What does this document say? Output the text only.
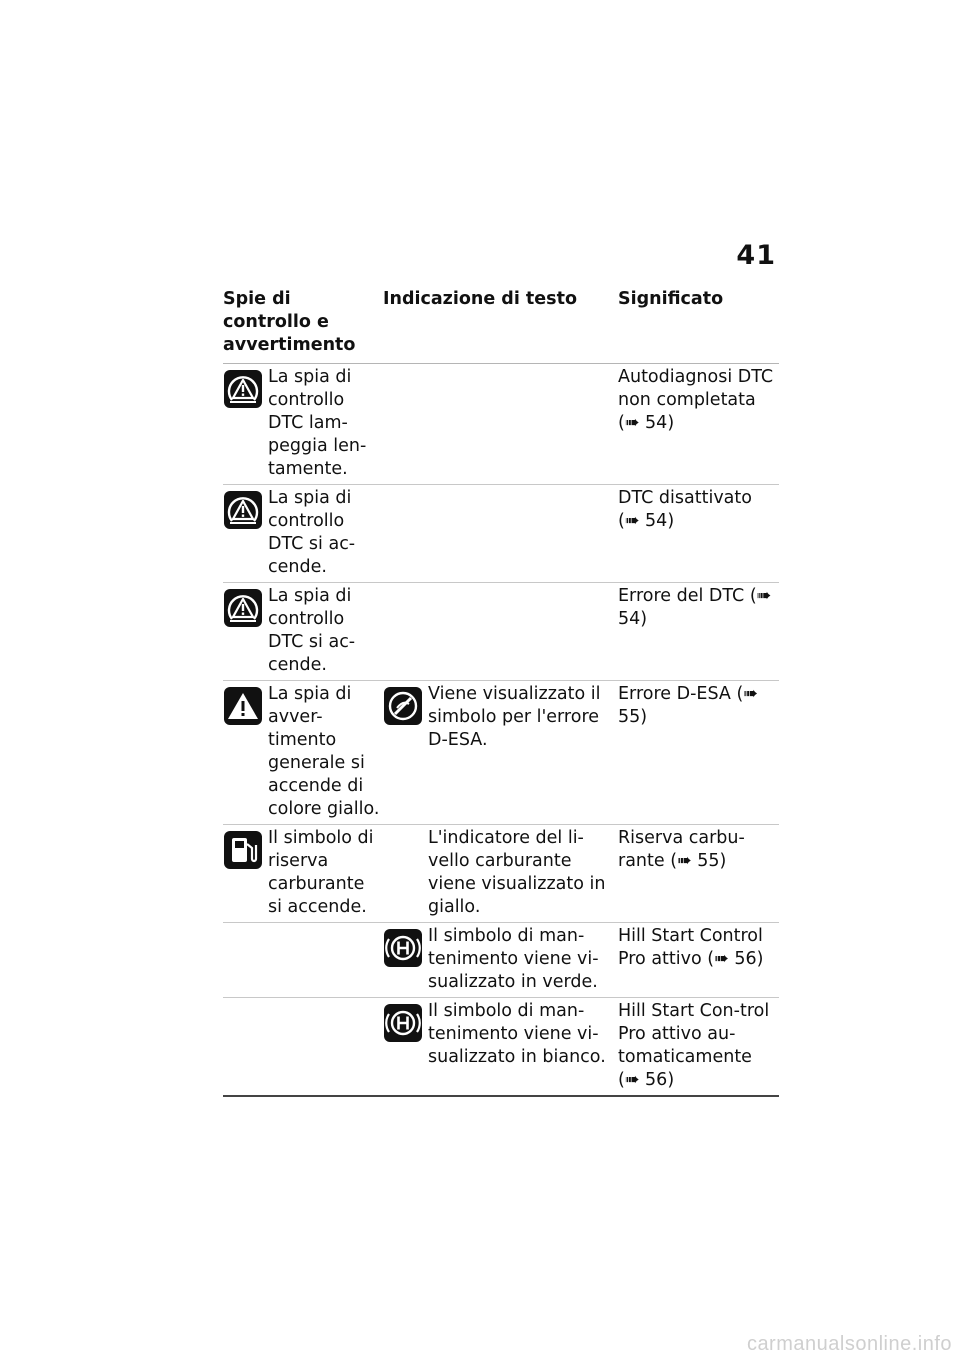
41
Spie di controllo e avvertimento
Indicazione di testo	Significato
La spia di controllo DTC lam-peggia len-tamente.
Autodiagnosi DTC non completata (➠ 54)
La spia di controllo DTC si ac-cende.
DTC disattivato (➠ 54)
La spia di controllo DTC si ac-cende.
Errore del DTC (➠ 54)
La spia di avver-timento generale si accende di colore giallo.
Viene visualizzato il simbolo per l'errore D-ESA.
Errore D-ESA (➠ 55)
Il simbolo di riserva carburante si accende.
L'indicatore del li-vello carburante viene visualizzato in giallo.
Riserva carbu-rante (➠ 55)
Il simbolo di man-tenimento viene vi-sualizzato in verde.
Hill Start Control Pro attivo (➠ 56)
Il simbolo di man-tenimento viene vi-sualizzato in bianco.
Hill Start Con-trol Pro attivo au-tomaticamente (➠ 56)
carmanualsonline.info
